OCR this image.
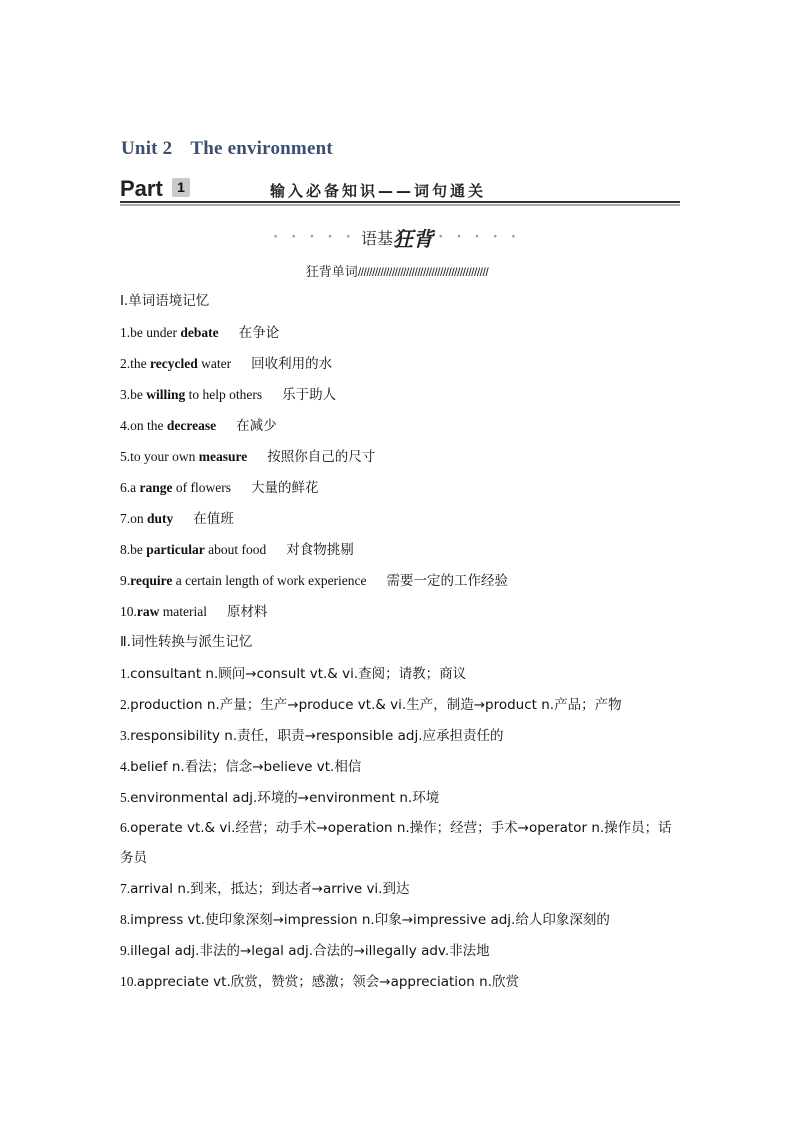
Unit 2 The environment
Part	1	输入必备知识——词句通关
• • • • • 语基狂背 • • • • •
狂背单词//////////////////////////////////////////////
Ⅰ.单词语境记忆
1.be under debate 在争论
2.the recycled water 回收利用的水
3.be willing to help others 乐于助人
4.on the decrease 在减少
5.to your own measure 按照你自己的尺寸
6.a range of flowers 大量的鲜花
7.on duty 在值班
8.be particular about food 对食物挑剔
9.require a certain length of work experience 需要一定的工作经验
10.raw material 原材料
Ⅱ.词性转换与派生记忆
1.consultant n.顾问→consult vt.& vi.查阅；请教；商议
2.production n.产量；生产→produce vt.& vi.生产，制造→product n.产品；产物
3.responsibility n.责任，职责→responsible adj.应承担责任的
4.belief n.看法；信念→believe vt.相信
5.environmental adj.环境的→environment n.环境
6.operate vt.& vi.经营；动手术→operation n.操作；经营；手术→operator n.操作员；话务员
7.arrival n.到来，抵达；到达者→arrive vi.到达
8.impress vt.使印象深刻→impression n.印象→impressive adj.给人印象深刻的
9.illegal adj.非法的→legal adj.合法的→illegally adv.非法地
10.appreciate vt.欣赏，赞赏；感激；领会→appreciation n.欣赏
